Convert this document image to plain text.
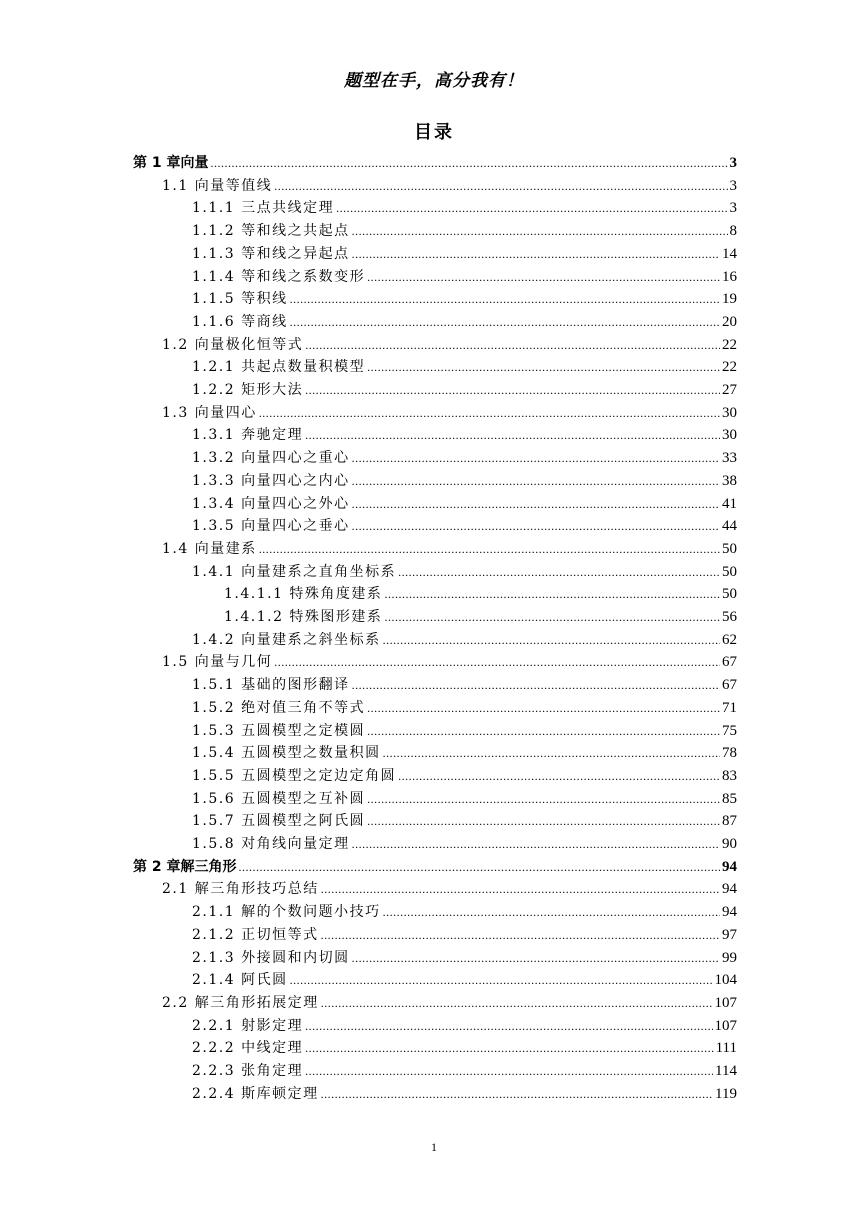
题型在手，高分我有！
目录
第 1 章向量 .....	3
1.1 向量等值线 .....	3
1.1.1 三点共线定理 .....	3
1.1.2 等和线之共起点 .....	8
1.1.3 等和线之异起点 .....	14
1.1.4 等和线之系数变形 .....	16
1.1.5 等积线 .....	19
1.1.6 等商线 .....	20
1.2 向量极化恒等式 .....	22
1.2.1 共起点数量积模型 .....	22
1.2.2 矩形大法 .....	27
1.3 向量四心 .....	30
1.3.1 奔驰定理 .....	30
1.3.2 向量四心之重心 .....	33
1.3.3 向量四心之内心 .....	38
1.3.4 向量四心之外心 .....	41
1.3.5 向量四心之垂心 .....	44
1.4 向量建系 .....	50
1.4.1 向量建系之直角坐标系 .....	50
1.4.1.1 特殊角度建系 .....	50
1.4.1.2 特殊图形建系 .....	56
1.4.2 向量建系之斜坐标系 .....	62
1.5 向量与几何 .....	67
1.5.1 基础的图形翻译 .....	67
1.5.2 绝对值三角不等式 .....	71
1.5.3 五圆模型之定模圆 .....	75
1.5.4 五圆模型之数量积圆 .....	78
1.5.5 五圆模型之定边定角圆 .....	83
1.5.6 五圆模型之互补圆 .....	85
1.5.7 五圆模型之阿氏圆 .....	87
1.5.8 对角线向量定理 .....	90
第 2 章解三角形 .....	94
2.1 解三角形技巧总结 .....	94
2.1.1 解的个数问题小技巧 .....	94
2.1.2 正切恒等式 .....	97
2.1.3 外接圆和内切圆 .....	99
2.1.4 阿氏圆 .....	104
2.2 解三角形拓展定理 .....	107
2.2.1 射影定理 .....	107
2.2.2 中线定理 .....	111
2.2.3 张角定理 .....	114
2.2.4 斯库顿定理 .....	119
1
